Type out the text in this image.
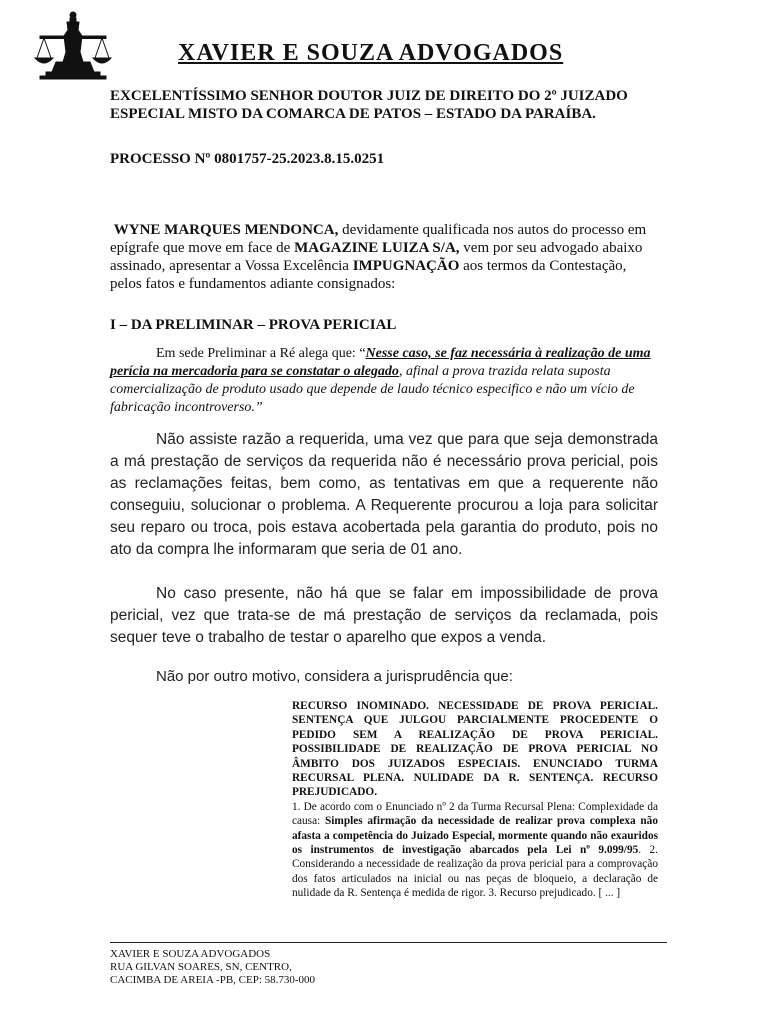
XAVIER E SOUZA ADVOGADOS
EXCELENTÍSSIMO SENHOR DOUTOR JUIZ DE DIREITO DO 2º JUIZADO ESPECIAL MISTO DA COMARCA DE PATOS – ESTADO DA PARAÍBA.
PROCESSO Nº 0801757-25.2023.8.15.0251
WYNE MARQUES MENDONCA, devidamente qualificada nos autos do processo em epígrafe que move em face de MAGAZINE LUIZA S/A, vem por seu advogado abaixo assinado, apresentar a Vossa Excelência IMPUGNAÇÃO aos termos da Contestação, pelos fatos e fundamentos adiante consignados:
I – DA PRELIMINAR – PROVA PERICIAL
Em sede Preliminar a Ré alega que: “Nesse caso, se faz necessária à realização de uma perícia na mercadoria para se constatar o alegado, afinal a prova trazida relata suposta comercialização de produto usado que depende de laudo técnico especifico e não um vício de fabricação incontroverso.”
Não assiste razão a requerida, uma vez que para que seja demonstrada a má prestação de serviços da requerida não é necessário prova pericial, pois as reclamações feitas, bem como, as tentativas em que a requerente não conseguiu, solucionar o problema. A Requerente procurou a loja para solicitar seu reparo ou troca, pois estava acobertada pela garantia do produto, pois no ato da compra lhe informaram que seria de 01 ano.
No caso presente, não há que se falar em impossibilidade de prova pericial, vez que trata-se de má prestação de serviços da reclamada, pois sequer teve o trabalho de testar o aparelho que expos a venda.
Não por outro motivo, considera a jurisprudência que:

RECURSO INOMINADO. NECESSIDADE DE PROVA PERICIAL. SENTENÇA QUE JULGOU PARCIALMENTE PROCEDENTE O PEDIDO SEM A REALIZAÇÃO DE PROVA PERICIAL. POSSIBILIDADE DE REALIZAÇÃO DE PROVA PERICIAL NO ÂMBITO DOS JUIZADOS ESPECIAIS. ENUNCIADO TURMA RECURSAL PLENA. NULIDADE DA R. SENTENÇA. RECURSO PREJUDICADO.

1. De acordo com o Enunciado nº 2 da Turma Recursal Plena: Complexidade da causa: Simples afirmação da necessidade de realizar prova complexa não afasta a competência do Juizado Especial, mormente quando não exauridos os instrumentos de investigação abarcados pela Lei nº 9.099/95. 2. Considerando a necessidade de realização da prova pericial para a comprovação dos fatos articulados na inicial ou nas peças de bloqueio, a declaração de nulidade da R. Sentença é medida de rigor. 3. Recurso prejudicado. [ ... ]

XAVIER E SOUZA ADVOGADOS
RUA GILVAN SOARES, SN, CENTRO,
CACIMBA DE AREIA -PB, CEP: 58.730-000
